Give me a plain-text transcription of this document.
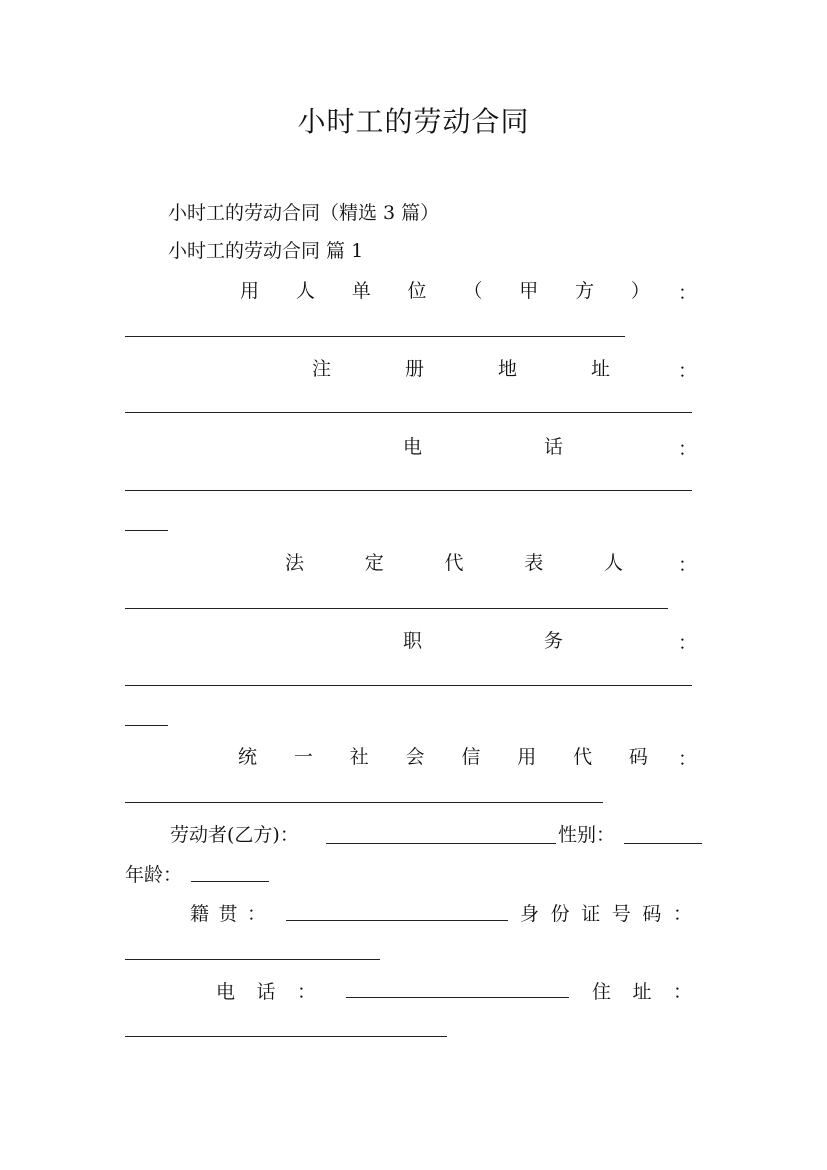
小时工的劳动合同
小时工的劳动合同（精选 3 篇）
小时工的劳动合同 篇 1
用 人 单 位 （ 甲 方 ） ：
注	册	地	址	：
电	话	：
法	定	代	表	人	：
职	务	：
统 一 社 会 信 用 代 码 ：
劳动者(乙方)：	性别：
年龄：
籍 贯 ：	身 份 证 号 码 ：
电 话 ：	住 址 ：
